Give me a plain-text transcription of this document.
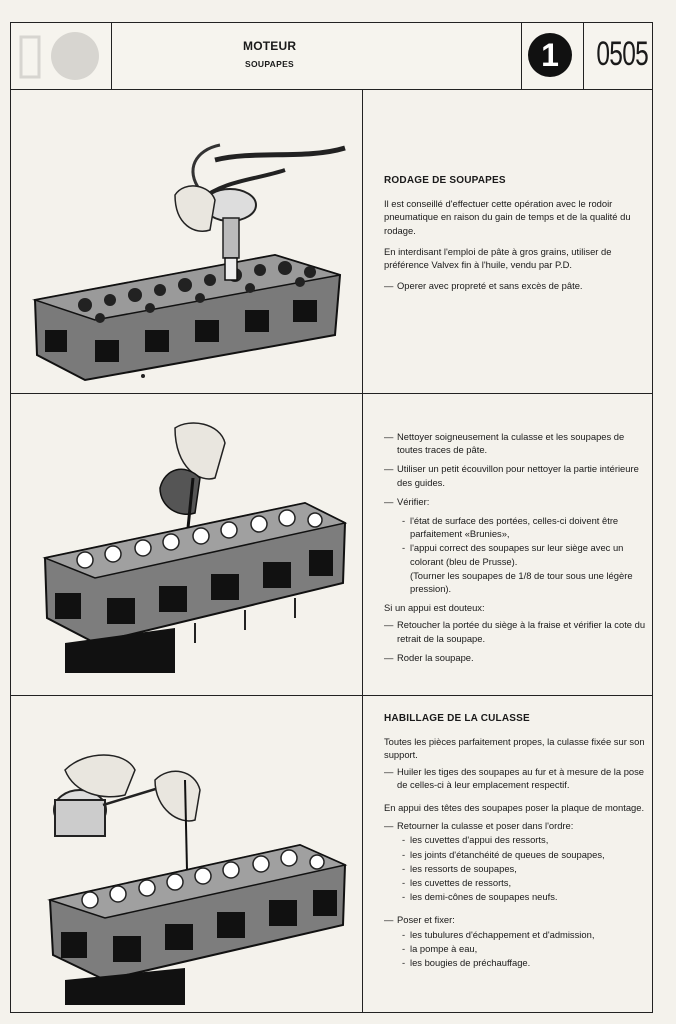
MOTEUR
SOUPAPES	1	0505
RODAGE DE SOUPAPES
Il est conseillé d'effectuer cette opération avec le rodoir pneumatique en raison du gain de temps et de la qualité du rodage.
En interdisant l'emploi de pâte à gros grains, utiliser de préférence Valvex fin à l'huile, vendu par P.D.
— Operer avec propreté et sans excès de pâte.
— Nettoyer soigneusement la culasse et les soupapes de toutes traces de pâte.
— Utiliser un petit écouvillon pour nettoyer la partie intérieure des guides.
— Vérifier:
- l'état de surface des portées, celles-ci doivent être parfaitement «Brunies»,
- l'appui correct des soupapes sur leur siège avec un colorant (bleu de Prusse).
(Tourner les soupapes de 1/8 de tour sous une légère pression).
Si un appui est douteux:
— Retoucher la portée du siège à la fraise et vérifier la cote du retrait de la soupape.
— Roder la soupape.
HABILLAGE DE LA CULASSE
Toutes les pièces parfaitement propes, la culasse fixée sur son support.
— Huiler les tiges des soupapes au fur et à mesure de la pose de celles-ci à leur emplacement respectif.
En appui des têtes des soupapes poser la plaque de montage.
— Retourner la culasse et poser dans l'ordre:
- les cuvettes d'appui des ressorts,
- les joints d'étanchéité de queues de soupapes,
- les ressorts de soupapes,
- les cuvettes de ressorts,
- les demi-cônes de soupapes neufs.
— Poser et fixer:
- les tubulures d'échappement et d'admission,
- la pompe à eau,
- les bougies de préchauffage.
